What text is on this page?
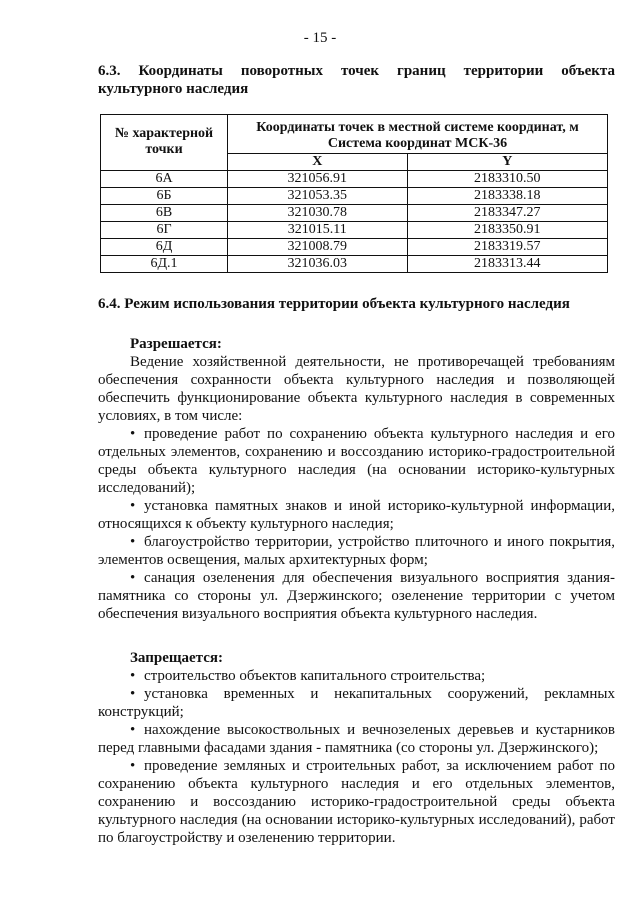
- 15 -
6.3. Координаты поворотных точек границ территории объекта
культурного наследия
№ характерной точки	Координаты точек в местной системе координат, м Система координат МСК-36	
	X	Y
6А	321056.91	2183310.50
6Б	321053.35	2183338.18
6В	321030.78	2183347.27
6Г	321015.11	2183350.91
6Д	321008.79	2183319.57
6Д.1	321036.03	2183313.44
6.4. Режим использования территории объекта культурного наследия
Разрешается:

Ведение хозяйственной деятельности, не противоречащей требованиям обеспечения сохранности объекта культурного наследия и позволяющей обеспечить функционирование объекта культурного наследия в современных условиях, в том числе:

• проведение работ по сохранению объекта культурного наследия и его отдельных элементов, сохранению и воссозданию историко-градостроительной среды объекта культурного наследия (на основании историко-культурных исследований);

• установка памятных знаков и иной историко-культурной информации, относящихся к объекту культурного наследия;

• благоустройство территории, устройство плиточного и иного покрытия, элементов освещения, малых архитектурных форм;

• санация озеленения для обеспечения визуального восприятия здания-памятника со стороны ул. Дзержинского; озеленение территории с учетом обеспечения визуального восприятия объекта культурного наследия.

Запрещается:

• строительство объектов капитального строительства;

• установка временных и некапитальных сооружений, рекламных конструкций;

• нахождение высокоствольных и вечнозеленых деревьев и кустарников перед главными фасадами здания - памятника (со стороны ул. Дзержинского);

• проведение земляных и строительных работ, за исключением работ по сохранению объекта культурного наследия и его отдельных элементов, сохранению и воссозданию историко-градостроительной среды объекта культурного наследия (на основании историко-культурных исследований), работ по благоустройству и озеленению территории.
